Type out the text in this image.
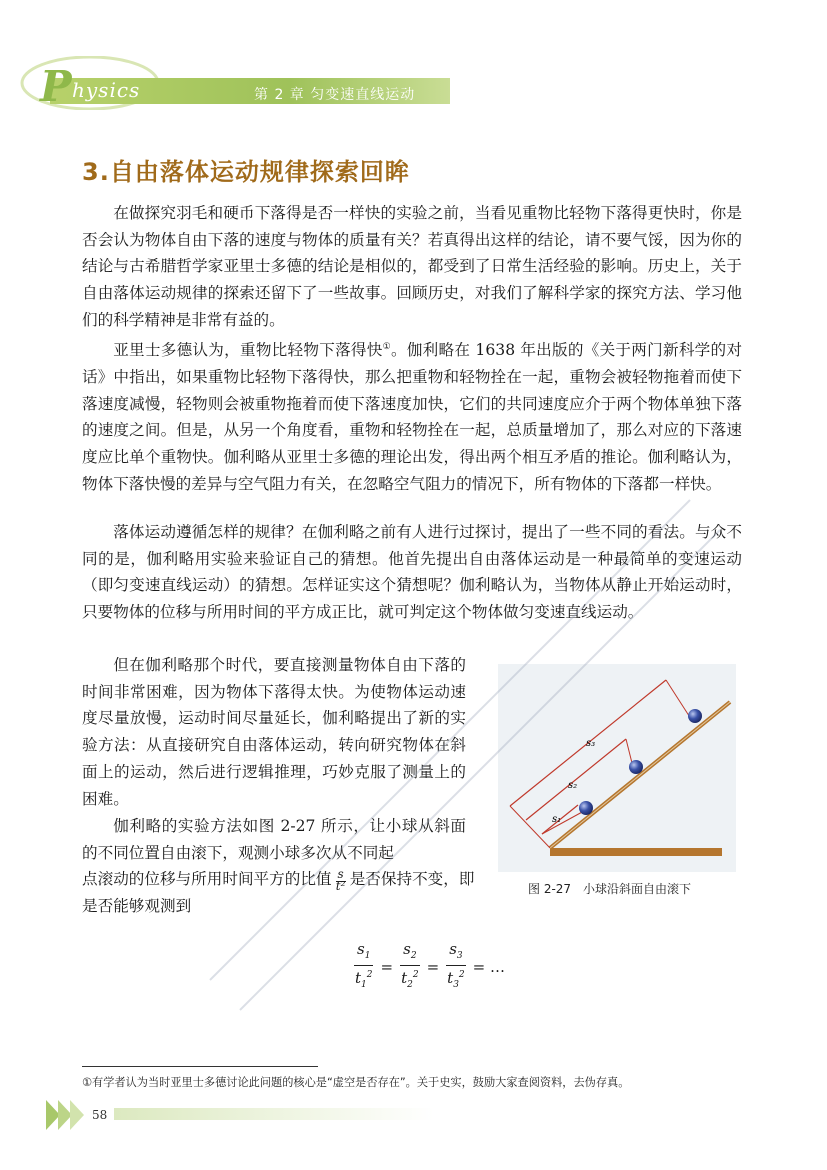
P hysics	第 2 章 匀变速直线运动
3.自由落体运动规律探索回眸
在做探究羽毛和硬币下落得是否一样快的实验之前，当看见重物比轻物下落得更快时，你是否会认为物体自由下落的速度与物体的质量有关？若真得出这样的结论，请不要气馁，因为你的结论与古希腊哲学家亚里士多德的结论是相似的，都受到了日常生活经验的影响。历史上，关于自由落体运动规律的探索还留下了一些故事。回顾历史，对我们了解科学家的探究方法、学习他们的科学精神是非常有益的。
亚里士多德认为，重物比轻物下落得快①。伽利略在 1638 年出版的《关于两门新科学的对话》中指出，如果重物比轻物下落得快，那么把重物和轻物拴在一起，重物会被轻物拖着而使下落速度减慢，轻物则会被重物拖着而使下落速度加快，它们的共同速度应介于两个物体单独下落的速度之间。但是，从另一个角度看，重物和轻物拴在一起，总质量增加了，那么对应的下落速度应比单个重物快。伽利略从亚里士多德的理论出发，得出两个相互矛盾的推论。伽利略认为，物体下落快慢的差异与空气阻力有关，在忽略空气阻力的情况下，所有物体的下落都一样快。
落体运动遵循怎样的规律？在伽利略之前有人进行过探讨，提出了一些不同的看法。与众不同的是，伽利略用实验来验证自己的猜想。他首先提出自由落体运动是一种最简单的变速运动（即匀变速直线运动）的猜想。怎样证实这个猜想呢？伽利略认为，当物体从静止开始运动时，只要物体的位移与所用时间的平方成正比，就可判定这个物体做匀变速直线运动。
但在伽利略那个时代，要直接测量物体自由下落的时间非常困难，因为物体下落得太快。为使物体运动速度尽量放慢，运动时间尽量延长，伽利略提出了新的实验方法：从直接研究自由落体运动，转向研究物体在斜面上的运动，然后进行逻辑推理，巧妙克服了测量上的困难。
伽利略的实验方法如图 2-27 所示，让小球从斜面的不同位置自由滚下，观测小球多次从不同起
点滚动的位移与所用时间平方的比值 $\frac{s}{\text{t²}}$ 是否保持不变，即是否能够观测到
s₃
s₂
s₁
图 2-27　小球沿斜面自由滚下
$\frac{s_1}{t_1^2} = \frac{s_2}{t_2^2} = \frac{s_3}{t_3^2}$ = …
①有学者认为当时亚里士多德讨论此问题的核心是“虚空是否存在”。关于史实，鼓励大家查阅资料，去伪存真。
58
